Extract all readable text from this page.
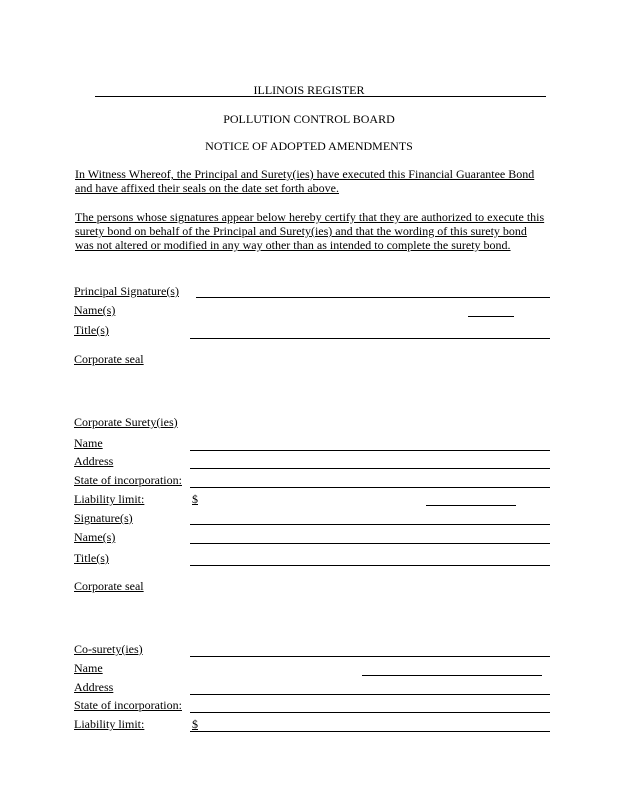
ILLINOIS REGISTER
POLLUTION CONTROL BOARD
NOTICE OF ADOPTED AMENDMENTS
In Witness Whereof, the Principal and Surety(ies) have executed this Financial Guarantee Bond and have affixed their seals on the date set forth above.
The persons whose signatures appear below hereby certify that they are authorized to execute this surety bond on behalf of the Principal and Surety(ies) and that the wording of this surety bond was not altered or modified in any way other than as intended to complete the surety bond.
Principal Signature(s)
Name(s)
Title(s)
Corporate seal
Corporate Surety(ies)
Name
Address
State of incorporation:
Liability limit:	$
Signature(s)
Name(s)
Title(s)
Corporate seal
Co-surety(ies)
Name
Address
State of incorporation:
Liability limit:	$
